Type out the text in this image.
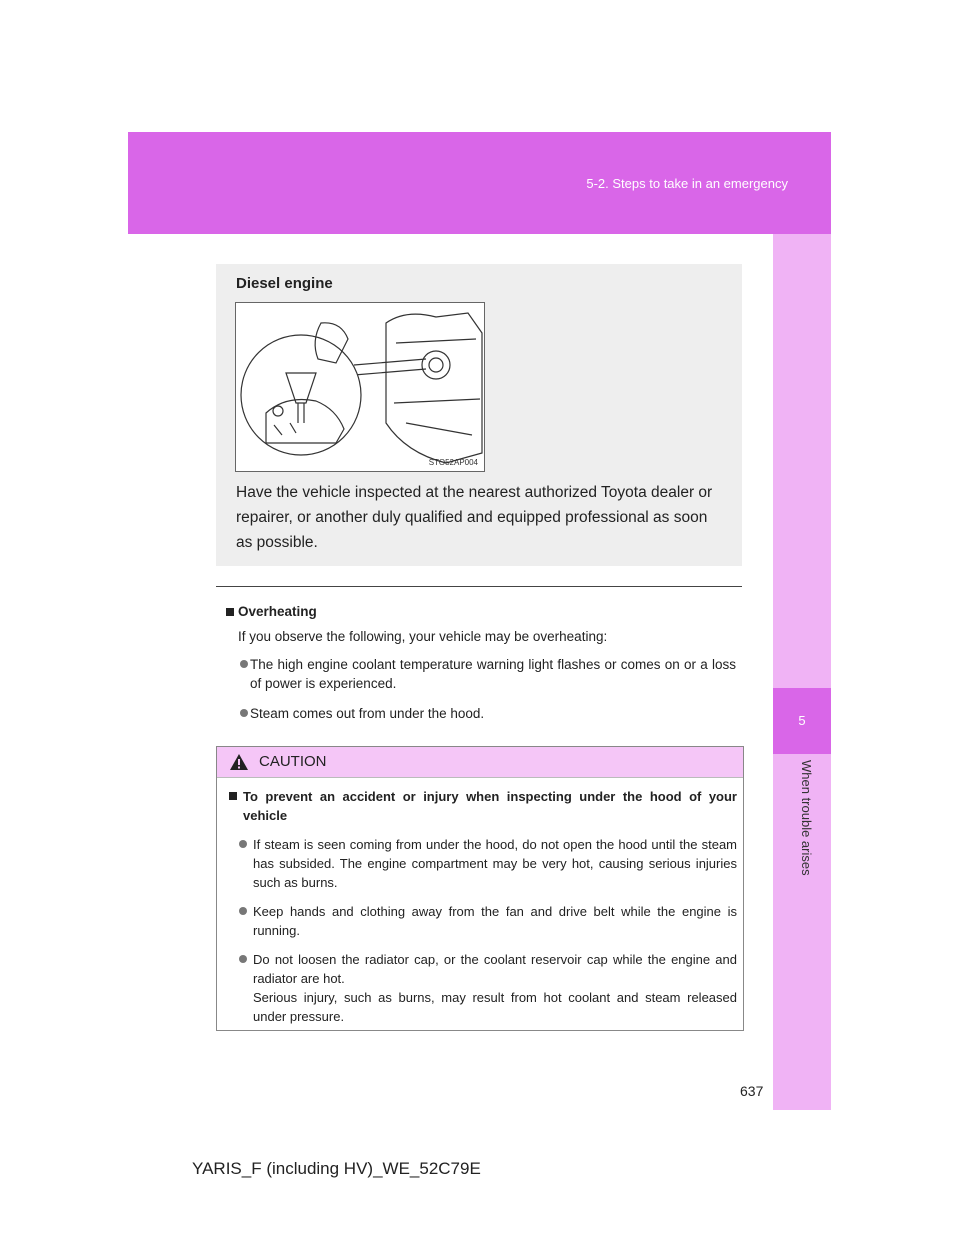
5-2. Steps to take in an emergency
5
When trouble arises
Diesel engine
STO52AP004
Have the vehicle inspected at the nearest authorized Toyota dealer or repairer, or another duly qualified and equipped professional as soon as possible.
Overheating
If you observe the following, your vehicle may be overheating:
The high engine coolant temperature warning light flashes or comes on or a loss of power is experienced.
Steam comes out from under the hood.
CAUTION
To prevent an accident or injury when inspecting under the hood of your vehicle
If steam is seen coming from under the hood, do not open the hood until the steam has subsided. The engine compartment may be very hot, causing serious injuries such as burns.
Keep hands and clothing away from the fan and drive belt while the engine is running.
Do not loosen the radiator cap, or the coolant reservoir cap while the engine and radiator are hot.
Serious injury, such as burns, may result from hot coolant and steam released under pressure.
637
YARIS_F (including HV)_WE_52C79E
